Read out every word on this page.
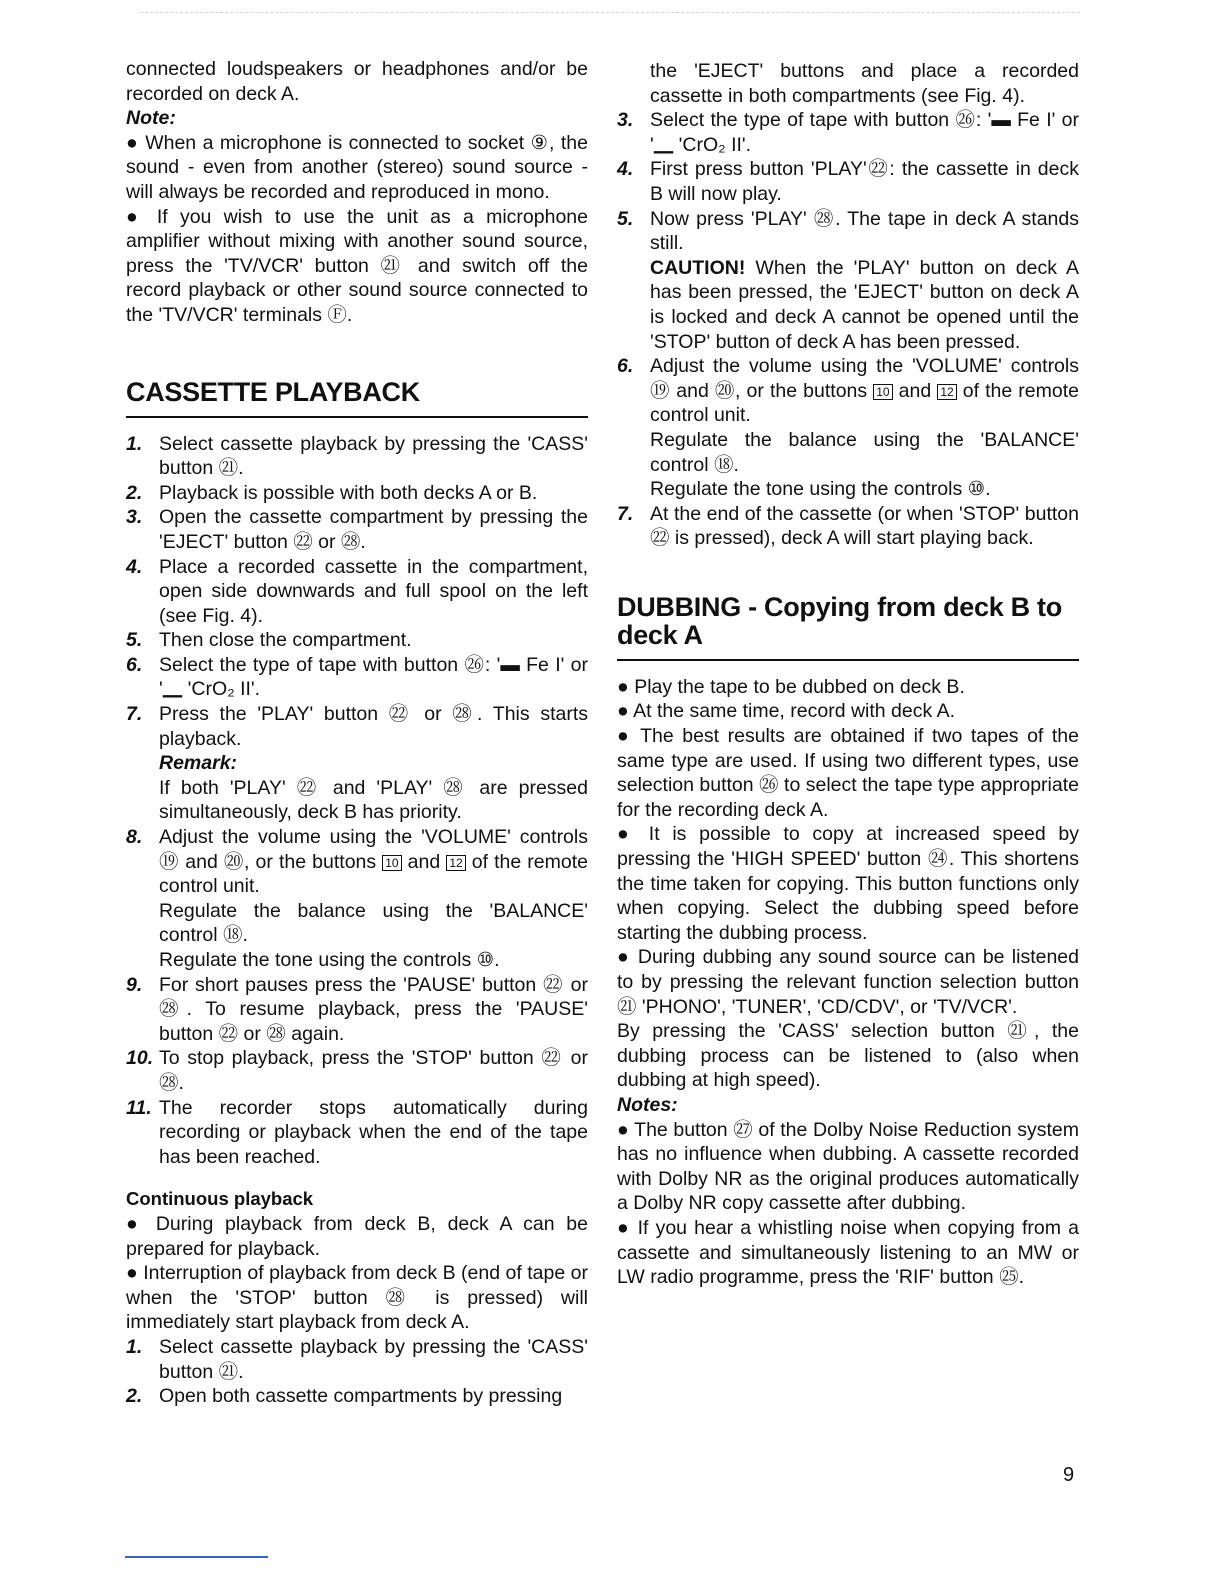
connected loudspeakers or headphones and/or be recorded on deck A.

Note:

● When a microphone is connected to socket ⑨, the sound - even from another (stereo) sound source - will always be recorded and reproduced in mono.

● If you wish to use the unit as a microphone amplifier without mixing with another sound source, press the 'TV/VCR' button ㉑ and switch off the record playback or other sound source connected to the 'TV/VCR' terminals Ⓕ.

CASSETTE PLAYBACK
1. Select cassette playback by pressing the 'CASS' button ㉑.
2. Playback is possible with both decks A or B.
3. Open the cassette compartment by pressing the 'EJECT' button ㉒ or ㉘.
4. Place a recorded cassette in the compartment, open side downwards and full spool on the left (see Fig. 4).
5. Then close the compartment.
6. Select the type of tape with button ㉖: '▬ Fe I' or '▁ 'CrO₂ II'.
7. Press the 'PLAY' button ㉒ or ㉘. This starts playback.
Remark:

If both 'PLAY' ㉒ and 'PLAY' ㉘ are pressed simultaneously, deck B has priority.

8. Adjust the volume using the 'VOLUME' controls ⑲ and ⑳, or the buttons 10 and 12 of the remote control unit.
Regulate the balance using the 'BALANCE' control ⑱.
Regulate the tone using the controls ⑩.
9. For short pauses press the 'PAUSE' button ㉒ or ㉘. To resume playback, press the 'PAUSE' button ㉒ or ㉘ again.
10. To stop playback, press the 'STOP' button ㉒ or ㉘.
11. The recorder stops automatically during recording or playback when the end of the tape has been reached.

Continuous playback

● During playback from deck B, deck A can be prepared for playback.

● Interruption of playback from deck B (end of tape or when the 'STOP' button ㉘ is pressed) will immediately start playback from deck A.

1. Select cassette playback by pressing the 'CASS' button ㉑.
2. Open both cassette compartments by pressing

the 'EJECT' buttons and place a recorded cassette in both compartments (see Fig. 4).

3. Select the type of tape with button ㉖: '▬ Fe I' or '▁ 'CrO₂ II'.
4. First press button 'PLAY'㉒: the cassette in deck B will now play.
5. Now press 'PLAY' ㉘. The tape in deck A stands still.

CAUTION! When the 'PLAY' button on deck A has been pressed, the 'EJECT' button on deck A is locked and deck A cannot be opened until the 'STOP' button of deck A has been pressed.

6. Adjust the volume using the 'VOLUME' controls ⑲ and ⑳, or the buttons 10 and 12 of the remote control unit.
Regulate the balance using the 'BALANCE' control ⑱.
Regulate the tone using the controls ⑩.
7. At the end of the cassette (or when 'STOP' button ㉒ is pressed), deck A will start playing back.
DUBBING - Copying from deck B to deck A

● Play the tape to be dubbed on deck B.

● At the same time, record with deck A.

● The best results are obtained if two tapes of the same type are used. If using two different types, use selection button ㉖ to select the tape type appropriate for the recording deck A.

● It is possible to copy at increased speed by pressing the 'HIGH SPEED' button ㉔. This shortens the time taken for copying. This button functions only when copying. Select the dubbing speed before starting the dubbing process.

● During dubbing any sound source can be listened to by pressing the relevant function selection button ㉑ 'PHONO', 'TUNER', 'CD/CDV', or 'TV/VCR'.

By pressing the 'CASS' selection button ㉑, the dubbing process can be listened to (also when dubbing at high speed).

Notes:

● The button ㉗ of the Dolby Noise Reduction system has no influence when dubbing. A cassette recorded with Dolby NR as the original produces automatically a Dolby NR copy cassette after dubbing.

● If you hear a whistling noise when copying from a cassette and simultaneously listening to an MW or LW radio programme, press the 'RIF' button ㉕.

9
